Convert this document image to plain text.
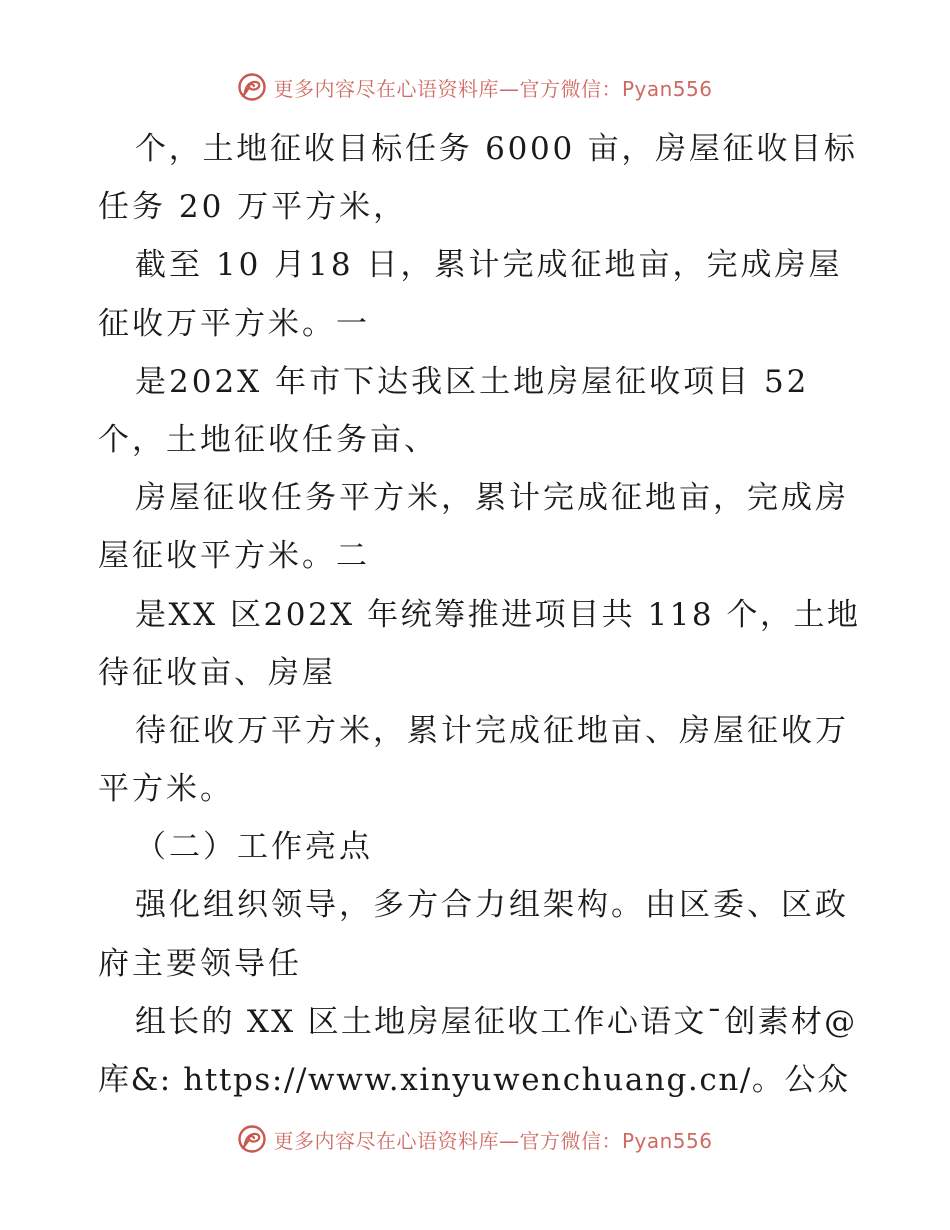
更多内容尽在心语资料库—官方微信：Pyan556
个，土地征收目标任务 6000 亩，房屋征收目标
任务 20 万平方米，
截至 10 月18 日，累计完成征地亩，完成房屋
征收万平方米。一
是202X 年市下达我区土地房屋征收项目 52
个，土地征收任务亩、
房屋征收任务平方米，累计完成征地亩，完成房
屋征收平方米。二
是XX 区202X 年统筹推进项目共 118 个，土地
待征收亩、房屋
待征收万平方米，累计完成征地亩、房屋征收万
平方米。
（二）工作亮点
强化组织领导，多方合力组架构。由区委、区政
府主要领导任
组长的 XX 区土地房屋征收工作心语文¯创素材@
库&: https://www.xinyuwenchuang.cn/。公众
更多内容尽在心语资料库—官方微信：Pyan556
